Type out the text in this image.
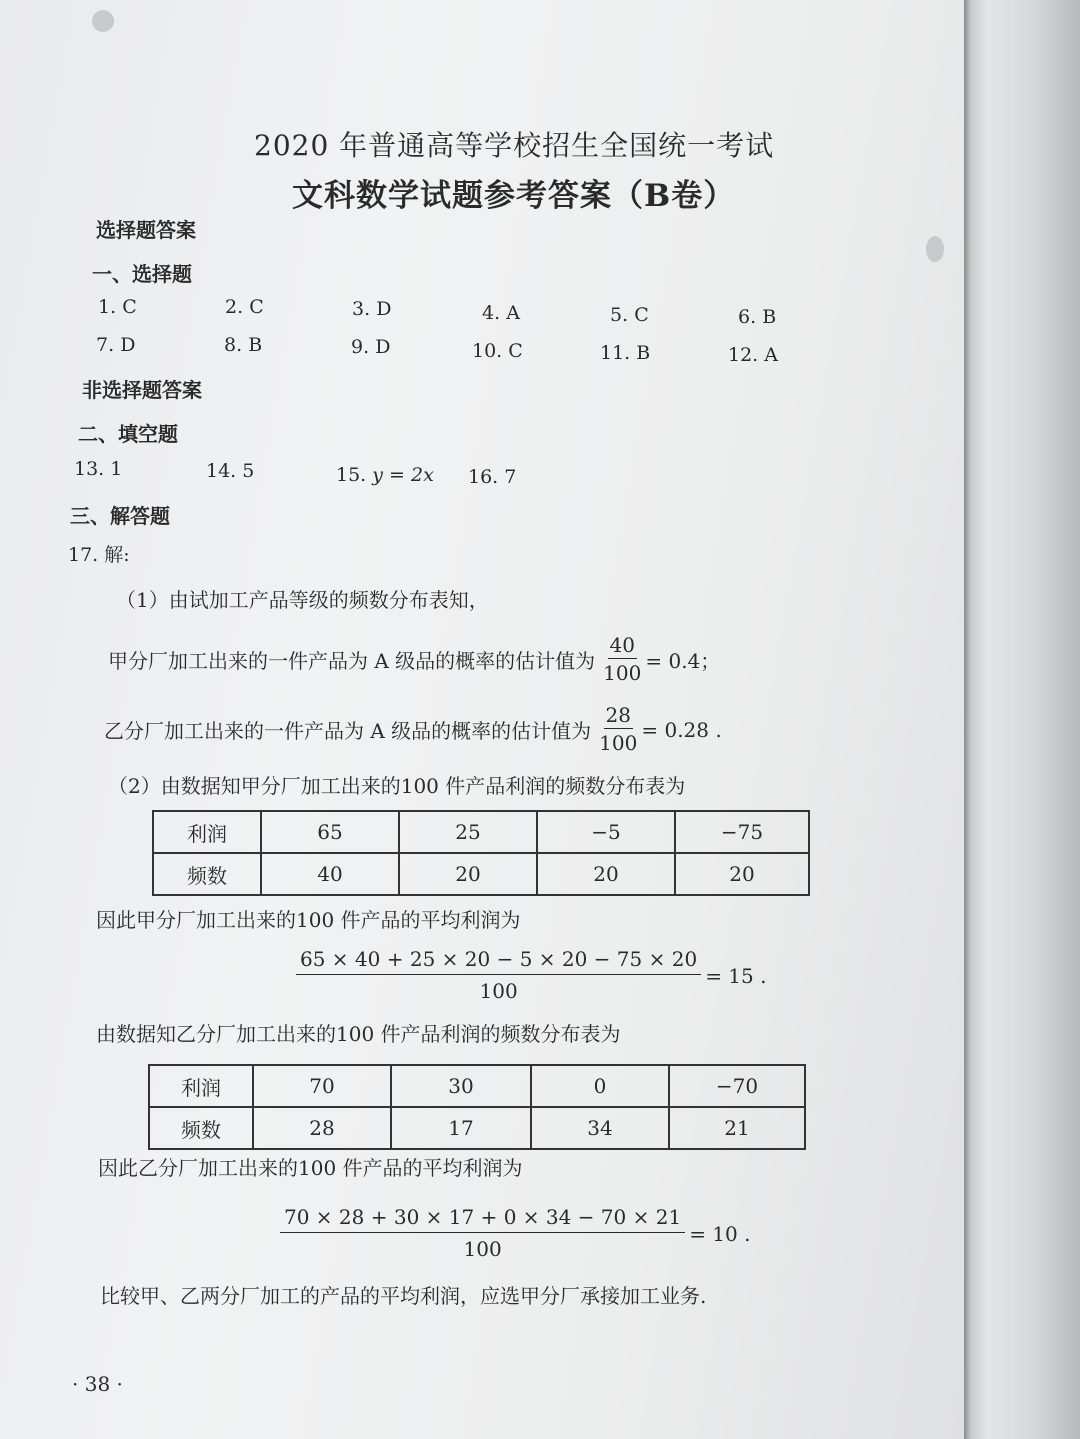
2020 年普通高等学校招生全国统一考试
文科数学试题参考答案（B卷）
选择题答案
一、选择题
1. C	2. C	3. D	4. A	5. C	6. B
7. D	8. B	9. D	10. C	11. B	12. A
非选择题答案
二、填空题
13. 1	14. 5	15. y = 2x 16. 7
三、解答题
17. 解:
（1）由试加工产品等级的频数分布表知，
甲分厂加工出来的一件产品为 A 级品的概率的估计值为 $\frac{40}{100} = 0.4$；
乙分厂加工出来的一件产品为 A 级品的概率的估计值为 $\frac{28}{100} = 0.28$ .
（2）由数据知甲分厂加工出来的100 件产品利润的频数分布表为
利润	65	25	−5	−75
频数	40	20	20	20
因此甲分厂加工出来的100 件产品的平均利润为
$\frac{65 \times 40 + 25 \times 20 - 5 \times 20 - 75 \times 20}{100} = 15$ .
由数据知乙分厂加工出来的100 件产品利润的频数分布表为
利润	70	30	0	−70
频数	28	17	34	21
因此乙分厂加工出来的100 件产品的平均利润为
$\frac{70 \times 28 + 30 \times 17 + 0 \times 34 - 70 \times 21}{100} = 10$ .
比较甲、乙两分厂加工的产品的平均利润，应选甲分厂承接加工业务.
· 38 ·
